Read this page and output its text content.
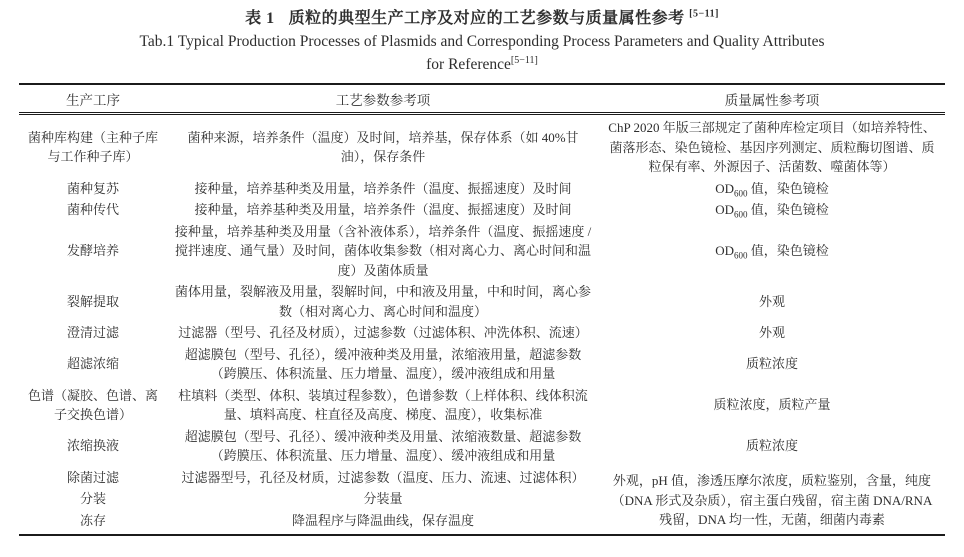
表 1 质粒的典型生产工序及对应的工艺参数与质量属性参考 [5−11]
Tab.1 Typical Production Processes of Plasmids and Corresponding Process Parameters and Quality Attributes
for Reference[5−11]
生产工序	工艺参数参考项	质量属性参考项
菌种库构建（主种子库与工作种子库）	菌种来源，培养条件（温度）及时间，培养基，保存体系（如 40%甘油），保存条件	ChP 2020 年版三部规定了菌种库检定项目（如培养特性、菌落形态、染色镜检、基因序列测定、质粒酶切图谱、质粒保有率、外源因子、活菌数、噬菌体等）
菌种复苏	接种量，培养基种类及用量，培养条件（温度、振摇速度）及时间	$OD_{600}$ 值，染色镜检
菌种传代	接种量，培养基种类及用量，培养条件（温度、振摇速度）及时间	$OD_{600}$ 值，染色镜检
发酵培养	接种量，培养基种类及用量（含补液体系），培养条件（温度、振摇速度 / 搅拌速度、通气量）及时间，菌体收集参数（相对离心力、离心时间和温度）及菌体质量	$OD_{600}$ 值，染色镜检
裂解提取	菌体用量，裂解液及用量，裂解时间，中和液及用量，中和时间，离心参数（相对离心力、离心时间和温度）	外观
澄清过滤	过滤器（型号、孔径及材质），过滤参数（过滤体积、冲洗体积、流速）	外观
超滤浓缩	超滤膜包（型号、孔径），缓冲液种类及用量，浓缩液用量，超滤参数（跨膜压、体积流量、压力增量、温度），缓冲液组成和用量	质粒浓度
色谱（凝胶、色谱、离子交换色谱）	柱填料（类型、体积、装填过程参数），色谱参数（上样体积、线体积流量、填料高度、柱直径及高度、梯度、温度），收集标准	质粒浓度，质粒产量
浓缩换液	超滤膜包（型号、孔径）、缓冲液种类及用量、浓缩液数量、超滤参数（跨膜压、体积流量、压力增量、温度）、缓冲液组成和用量	质粒浓度
除菌过滤	过滤器型号，孔径及材质，过滤参数（温度、压力、流速、过滤体积）	外观，pH 值，渗透压摩尔浓度，质粒鉴别，含量，纯度（DNA 形式及杂质），宿主蛋白残留，宿主菌 DNA/RNA 残留，DNA 均一性，无菌，细菌内毒素
分装	分装量	
冻存	降温程序与降温曲线，保存温度	
